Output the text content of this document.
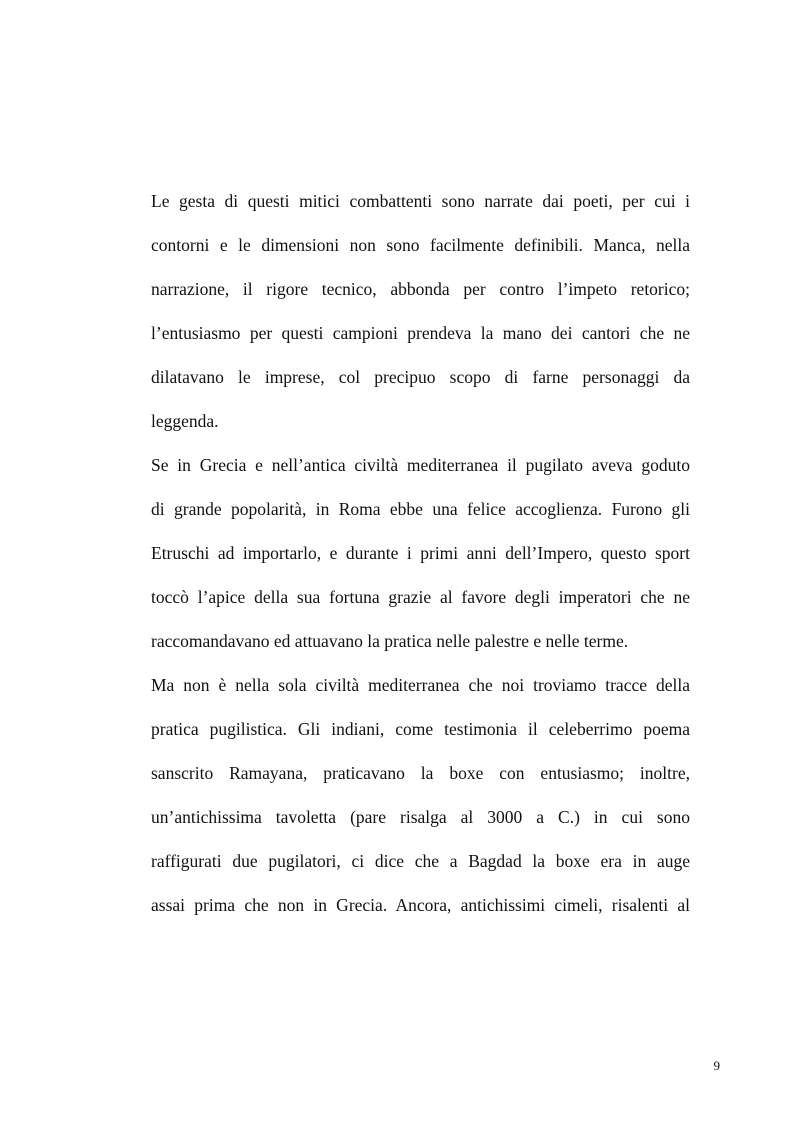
Le gesta di questi mitici combattenti sono narrate dai poeti, per cui i
contorni e le dimensioni non sono facilmente definibili. Manca, nella
narrazione, il rigore tecnico, abbonda per contro l’impeto retorico;
l’entusiasmo per questi campioni prendeva la mano dei cantori che ne
dilatavano le imprese, col precipuo scopo di farne personaggi da
leggenda.
Se in Grecia e nell’antica civiltà mediterranea il pugilato aveva goduto
di grande popolarità, in Roma ebbe una felice accoglienza. Furono gli
Etruschi ad importarlo, e durante i primi anni dell’Impero, questo sport
toccò l’apice della sua fortuna grazie al favore degli imperatori che ne
raccomandavano ed attuavano la pratica nelle palestre e nelle terme.
Ma non è nella sola civiltà mediterranea che noi troviamo tracce della
pratica pugilistica. Gli indiani, come testimonia il celeberrimo poema
sanscrito Ramayana, praticavano la boxe con entusiasmo; inoltre,
un’antichissima tavoletta (pare risalga al 3000 a C.) in cui sono
raffigurati due pugilatori, ci dice che a Bagdad la boxe era in auge
assai prima che non in Grecia. Ancora, antichissimi cimeli, risalenti al
9
